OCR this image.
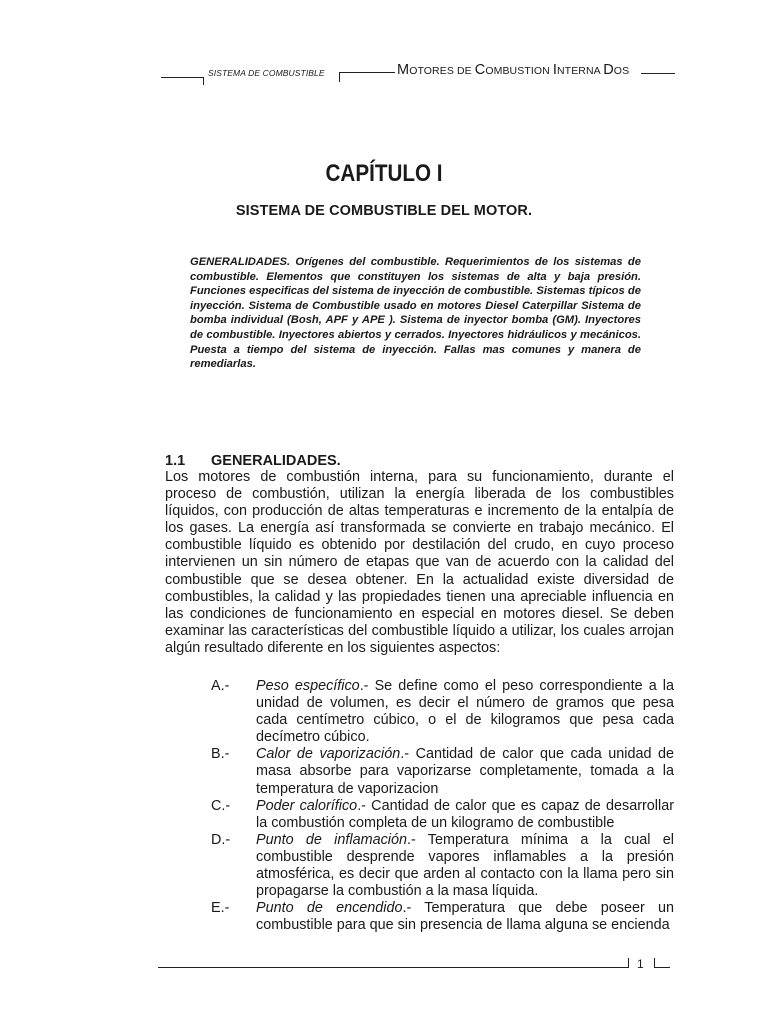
SISTEMA DE COMBUSTIBLE	MOTORES DE COMBUSTION INTERNA DOS
CAPÍTULO I
SISTEMA DE COMBUSTIBLE DEL MOTOR.

GENERALIDADES. Orígenes del combustible. Requerimientos de los sistemas de combustible. Elementos que constituyen los sistemas de alta y baja presión. Funciones especificas del sistema de inyección de combustible. Sistemas típicos de inyección. Sistema de Combustible usado en motores Diesel Caterpillar Sistema de bomba individual (Bosh, APF y APE ). Sistema de inyector bomba (GM). Inyectores de combustible. Inyectores abiertos y cerrados. Inyectores hidráulicos y mecánicos. Puesta a tiempo del sistema de inyección. Fallas mas comunes y manera de remediarlas.

1.1 GENERALIDADES.

Los motores de combustión interna, para su funcionamiento, durante el proceso de combustión, utilizan la energía liberada de los combustibles líquidos, con producción de altas temperaturas e incremento de la entalpía de los gases. La energía así transformada se convierte en trabajo mecánico. El combustible líquido es obtenido por destilación del crudo, en cuyo proceso intervienen un sin número de etapas que van de acuerdo con la calidad del combustible que se desea obtener. En la actualidad existe diversidad de combustibles, la calidad y las propiedades tienen una apreciable influencia en las condiciones de funcionamiento en especial en motores diesel. Se deben examinar las características del combustible líquido a utilizar, los cuales arrojan algún resultado diferente en los siguientes aspectos:

A.-	Peso específico.- Se define como el peso correspondiente a la unidad de volumen, es decir el número de gramos que pesa cada centímetro cúbico, o el de kilogramos que pesa cada decímetro cúbico.
B.-	Calor de vaporización.- Cantidad de calor que cada unidad de masa absorbe para vaporizarse completamente, tomada a la temperatura de vaporizacion
C.-	Poder calorífico.- Cantidad de calor que es capaz de desarrollar la combustión completa de un kilogramo de combustible
D.-	Punto de inflamación.- Temperatura mínima a la cual el combustible desprende vapores inflamables a la presión atmosférica, es decir que arden al contacto con la llama pero sin propagarse la combustión a la masa líquida.
E.-	Punto de encendido.- Temperatura que debe poseer un combustible para que sin presencia de llama alguna se encienda
1
